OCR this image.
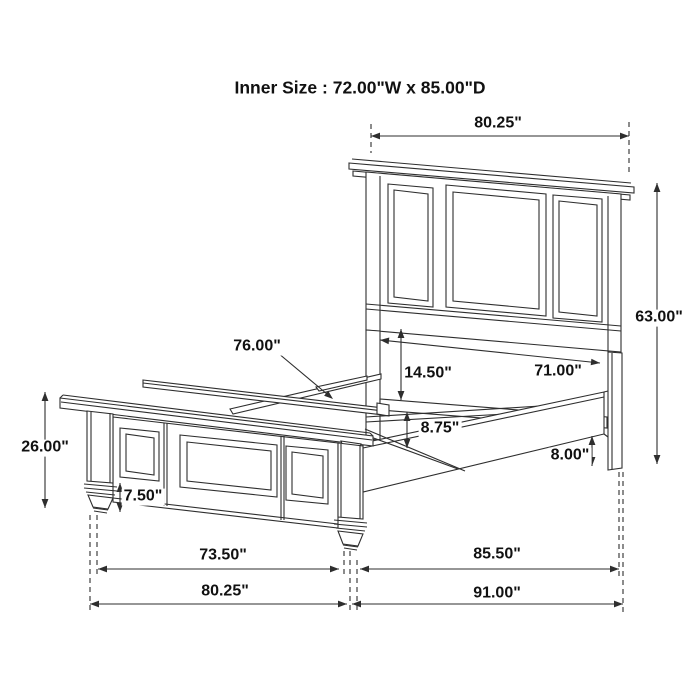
Inner Size : 72.00"W x 85.00"D
80.25"
63.00"
76.00"
14.50"	71.00"
8.75"
8.00"
26.00"
7.50"
73.50"	85.50"
80.25"	91.00"
